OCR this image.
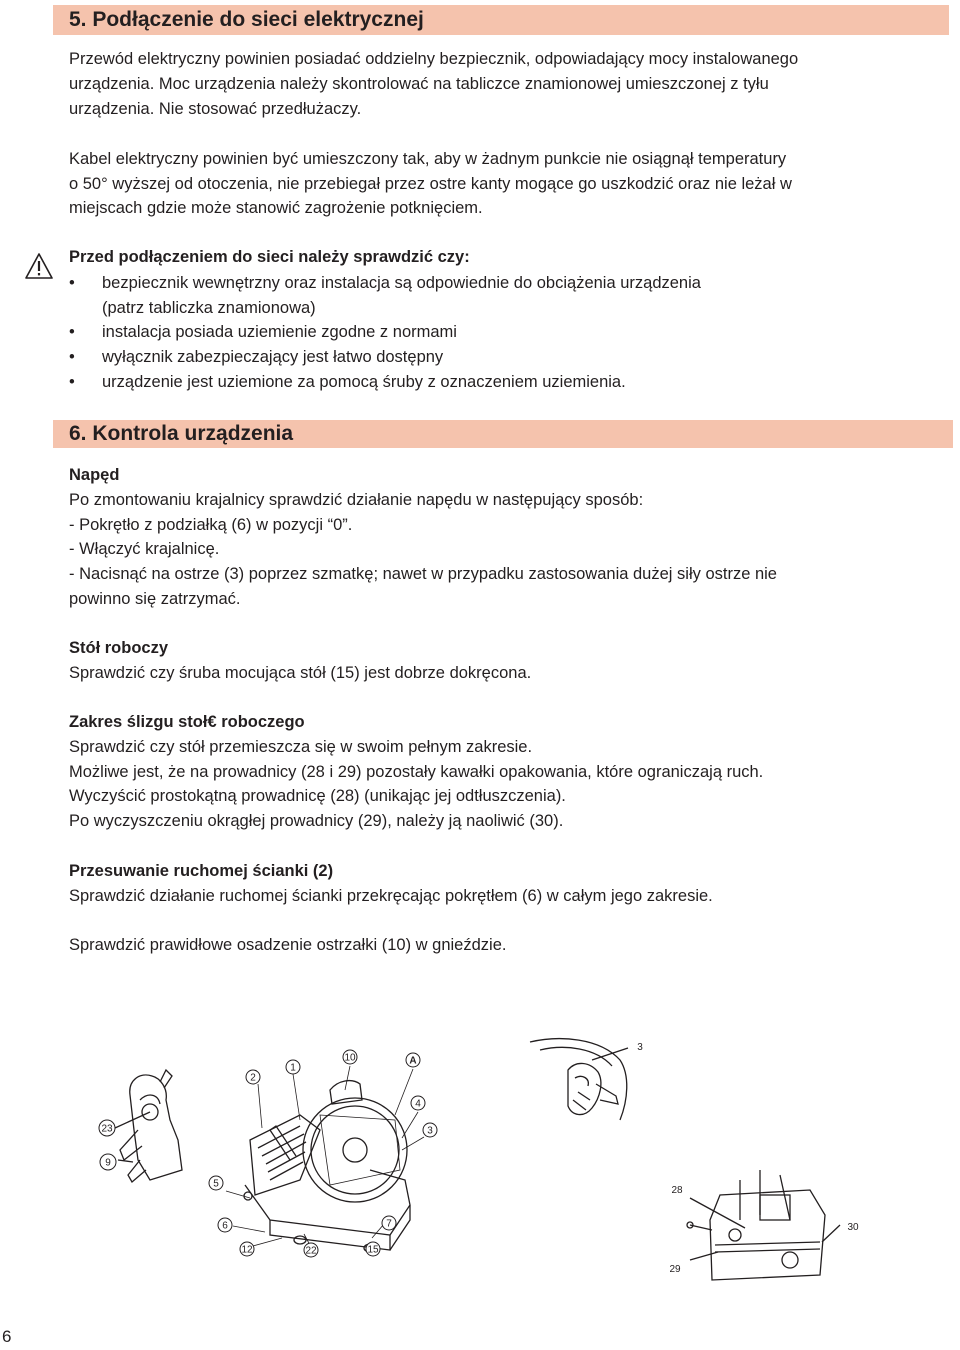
5. Podłączenie do sieci elektrycznej
Przewód elektryczny powinien posiadać oddzielny bezpiecznik, odpowiadający mocy instalowanego
urządzenia. Moc urządzenia należy skontrolować na tabliczce znamionowej umieszczonej z tyłu
urządzenia. Nie stosować przedłużaczy.
Kabel elektryczny powinien być umieszczony tak, aby w żadnym punkcie nie osiągnął temperatury
o 50° wyższej od otoczenia, nie przebiegał przez ostre kanty mogące go uszkodzić oraz nie leżał w
miejscach gdzie może stanowić zagrożenie potknięciem.
Przed podłączeniem do sieci należy sprawdzić czy:
• bezpiecznik wewnętrzny oraz instalacja są odpowiednie do obciążenia urządzenia
(patrz tabliczka znamionowa)
• instalacja posiada uziemienie zgodne z normami
• wyłącznik zabezpieczający jest łatwo dostępny
• urządzenie jest uziemione za pomocą śruby z oznaczeniem uziemienia.
6. Kontrola urządzenia
Napęd
Po zmontowaniu krajalnicy sprawdzić działanie napędu w następujący sposób:
- Pokrętło z podziałką (6) w pozycji “0”.
- Włączyć krajalnicę.
- Nacisnąć na ostrze (3) poprzez szmatkę; nawet w przypadku zastosowania dużej siły ostrze nie
powinno się zatrzymać.
Stół roboczy
Sprawdzić czy śruba mocująca stół (15) jest dobrze dokręcona.
Zakres ślizgu stoł€ roboczego
Sprawdzić czy stół przemieszcza się w swoim pełnym zakresie.
Możliwe jest, że na prowadnicy (28 i 29) pozostały kawałki opakowania, które ograniczają ruch.
Wyczyścić prostokątną prowadnicę (28) (unikając jej odtłuszczenia).
Po wyczyszczeniu okrągłej prowadnicy (29), należy ją naoliwić (30).
Przesuwanie ruchomej ścianki (2)
Sprawdzić działanie ruchomej ścianki przekręcając pokrętłem (6) w całym jego zakresie.
Sprawdzić prawidłowe osadzenie ostrzałki (10) w gnieździe.
23
9
2
1
10	A
4
3
5
6	7
12	22	15
3
28
30
29
6
